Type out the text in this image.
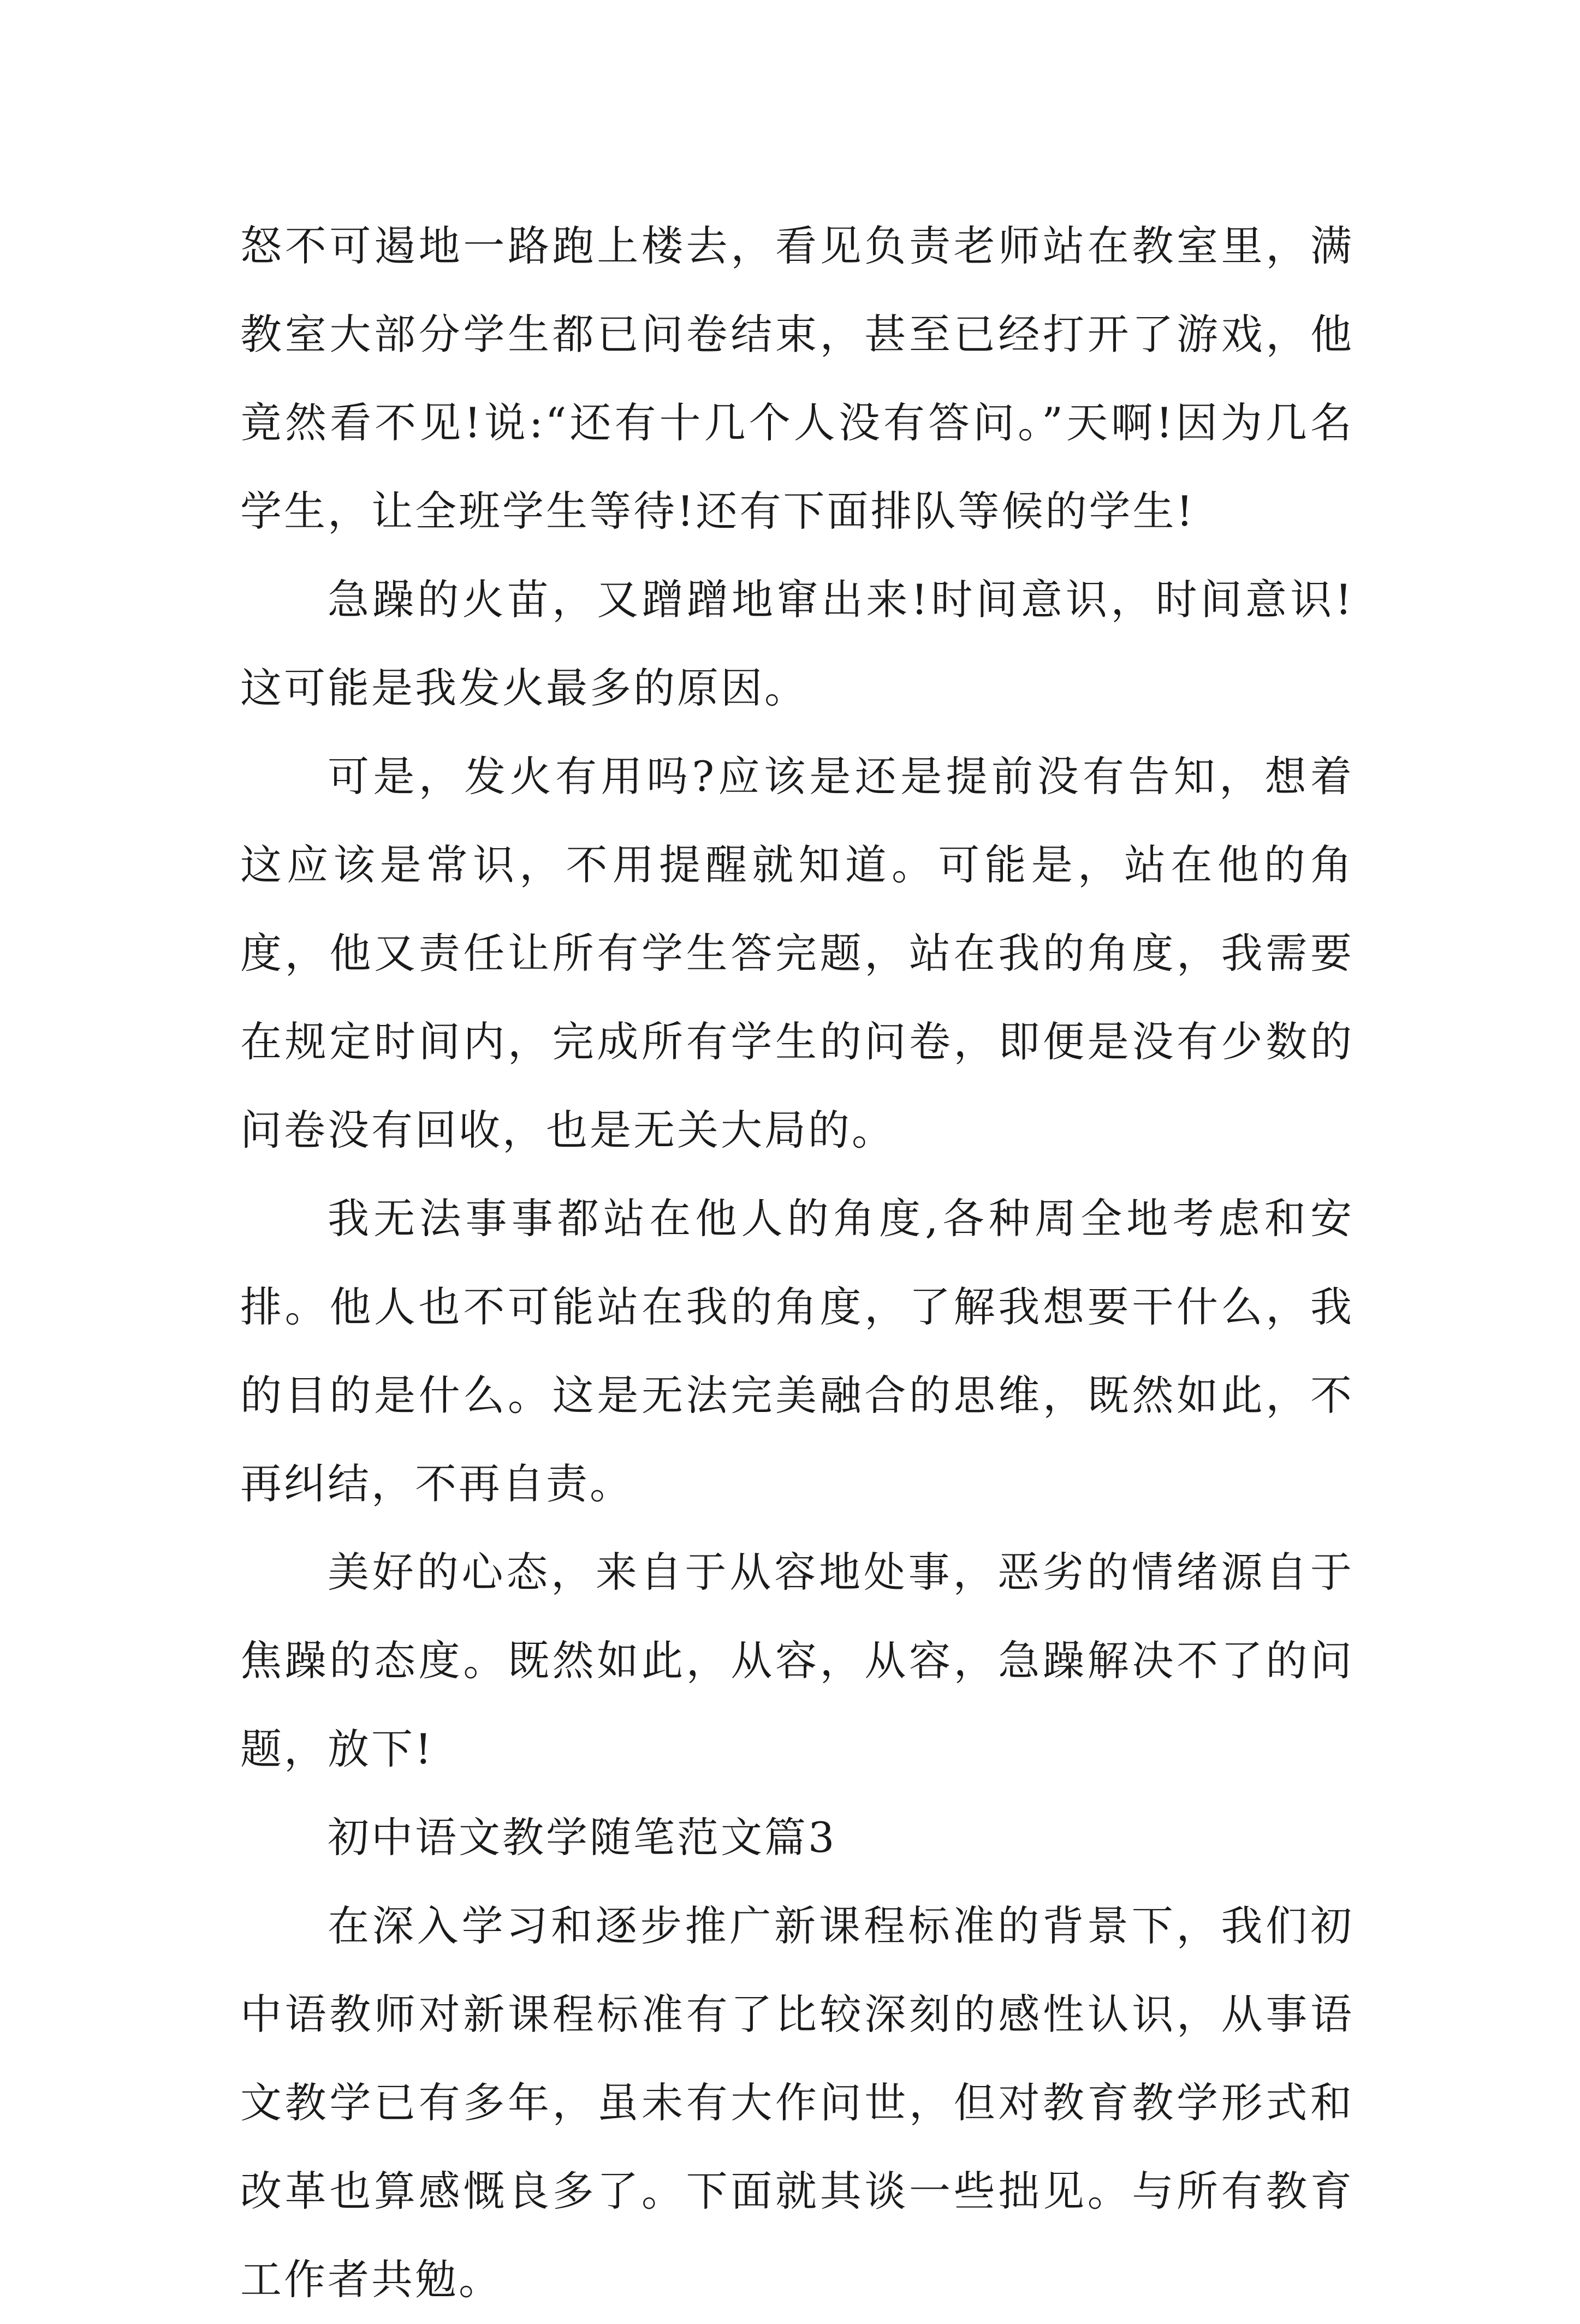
怒不可遏地一路跑上楼去，看见负责老师站在教室里，满教室大部分学生都已问卷结束，甚至已经打开了游戏，他竟然看不见!说:“还有十几个人没有答问。”天啊!因为几名学生，让全班学生等待!还有下面排队等候的学生!

急躁的火苗，又蹭蹭地窜出来!时间意识，时间意识!这可能是我发火最多的原因。

可是，发火有用吗?应该是还是提前没有告知，想着这应该是常识，不用提醒就知道。可能是，站在他的角度，他又责任让所有学生答完题，站在我的角度，我需要在规定时间内，完成所有学生的问卷，即便是没有少数的问卷没有回收，也是无关大局的。

我无法事事都站在他人的角度,各种周全地考虑和安排。他人也不可能站在我的角度，了解我想要干什么，我的目的是什么。这是无法完美融合的思维，既然如此，不再纠结，不再自责。

美好的心态，来自于从容地处事，恶劣的情绪源自于焦躁的态度。既然如此，从容，从容，急躁解决不了的问题，放下!

初中语文教学随笔范文篇3

在深入学习和逐步推广新课程标准的背景下，我们初中语教师对新课程标准有了比较深刻的感性认识，从事语文教学已有多年，虽未有大作问世，但对教育教学形式和改革也算感慨良多了。下面就其谈一些拙见。与所有教育工作者共勉。
